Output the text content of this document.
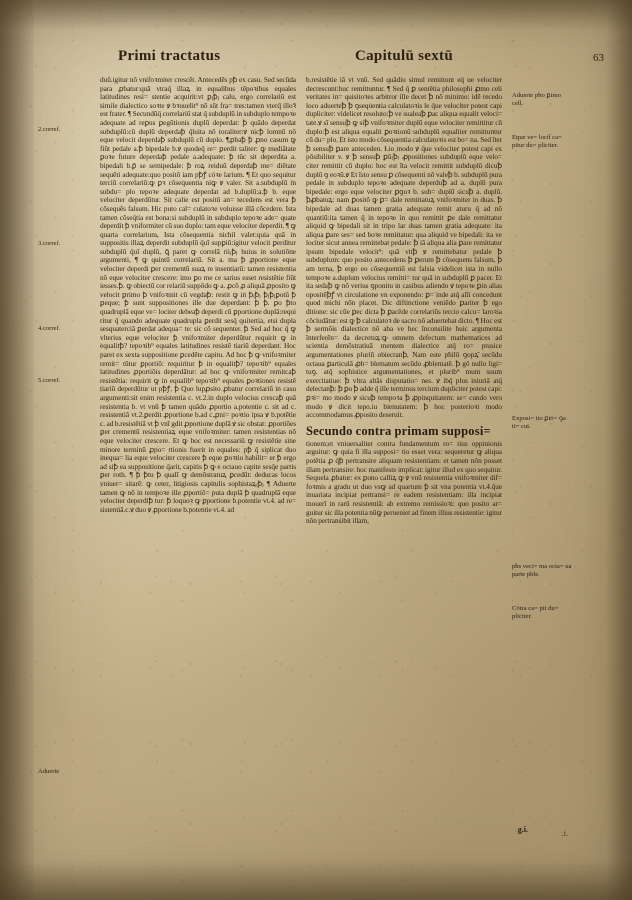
Primi tractatus	Capitulū sextū	63
2.corref.
3.corref.
4.corref.
5.corref.
Aduerte
Aduerte pħo ꝑimo cell.
Eque ve= locit̃ ca= pitur du= pliciter.
Exposi= tio ꝑiō= ꝯa tī= cut.
pħs veci= ma octa= ua parte pble.
Cōtra ca= pit du= pliciter.

duū.igitur nō vnifoꝛmiter crescēt. Antecedēs pꝥ ex casu. Sed secūda para ꝓbatur:quā vtraq̄ illaꝝ in equalibus tēpoꝛibus equales latitudines resi= stentie acquirit:vt ꝑ₍ꝥ₎ calu, ergo correlariū est simile dialectico soꝛte ꝟ bꝛuuelit⁹ nō sūt fra= tres:tamen vterq̄ illoꝛ̄ est frater. ¶ Secundūq̄ correlariū stat q̄ subduplū in subduplo tempoꝛe adequate ad reꝑus ꝑegūtionis duplū deperdat: ꝥ quādo deperdat subduplū:cū duplū deperdaꝥ q̄luita nō toraliter:ꝟ nicꝥ lomnū nō eque velocit deperdaꝥ subduplū cū duplo. ¶ꝓbaꝥ ꝥ ꝓno casum ꝙ fiūt pedale a.ꝥ bipedale b.ꝟ quodeq̄ re= ꝑerdit taliter: ꝙ mediātate ꝑoꝛe future deperdaꝥ pedale a.adequate: ꝥ tūc sit deperdita a. bipedali b.ꝑ̄ se semipedale: ꝥ roꝝ reiduū deperdaꝥ me= diētate sequēti adequate:quo positō iam pꝥꝭ cóꝛe larium. ¶ Et quo sequitur terciū correlariū:ꝙ ꝑꝛ cōsequentia niꝙ ꝟ valer. Sit a.subduplū in subdu= plo tepoꝛe adequate deperdat ad b.duplū:a.ꝥ b. eque velociter deperdūtur. Sit calie est positū an= tecedens est vera ꝥ cōsequēs falsum. Hic puto cal= culatoꝛe voluisse illā cōcedere. Ista tamen cōseq̄tia est bona:si subduplū in subduplo tepoꝛe ade= quate deperdit ꝥ vniformiter cū suo duplo: tam eque velociter deperdit. ¶ ꝙ quarta correlarium, Ista cōsequentia nichil valet:quia quā in suppositis illaꝝ deperdit subduplū q̄uī supꝑiū:igitur velocit ꝑerditur subduplū q̄uī duplū, ꝗ̄ paret ꝙ correlā rii₍ꝥ₎ huius in solutiōne argumenti, ¶ ꝙ quintū correlariū. Sit a. ma ꝥ ꝓportione eque velociter deperdi ꝑer crementū suaꝝ re insentiarū: tamen resistentia nō eque velociter crescere: imo ꝑo me ce sarius esset resistētie fiūt iesses.ꝥ. ꝙ obiectū cor relariū suppōdo ꝙ a. ꝓcō ꝓ aliquā ꝓposito ꝙ velocit ꝑrimo ꝥ vnifoꝛmit cū vegdaꝥ: restit ꝙ in ꝥ₍ꝥ₎ ꝥ₍ꝥ₎ꝑotū ꝥ ꝑeque; ꝥ sunt suppositiones ille due deperdant: ꝥ ꝥ. ꝑo ꝥto quadruplā eque ve= lociter debeaꝥ deperdi cū ꝑportione duplā:requi ritur q̄ quando adequate quadrupla ꝑerdit sesq̄ quitertia, etsi dupla sesquaterciā ꝑerdat adequa= te: sic cō sequenter. ꝥ Sed ad hoc q̄ ꝙ vlterius eque velociter ꝥ vnifoꝛmiter deperdūtur requirit ꝙ in equalitꝥ? tepoꝛib⁹ equales latitudines resistē tiariū deperdant. Hoc paret ex sexta suppositione ꝑcedēte capitu. Ad hoc ꝥ ꝙ vnifoꝛmiter remit= tūtur ꝑportiō: requiritur ꝥ in equalitꝥ? tepoꝛib⁹ equales latitudines ꝓportiōis deperdātur: ad hoc ꝙ vnifoꝛmiter remitcaꝥ resistētia: requirit ꝙ in equalib⁹ tepoꝛib⁹ equales ꝑoꝛtiones resistē tiariū deperdūtur ut pꝥꝭ. ꝥ Quo lupꝓsito ꝓbatur correlariū in casu argumenti:sit enim resistentia c. vt.2.in duplo velocius crescaꝥ quā resistentia b. vt vnū ꝥ tamen quādo ꝓportio a.potentie c. sit ad c. resistentiā vt.2.ꝑerdit ꝓportione b.ad c.ꝓni= poꝛtio ipsa ꝟ b.potētie c. ad b.resistētiā vt ꝥ vnī gdit ꝓportione duplā ꝟ sic obstat: ꝓportiōes ꝑer crementū resistentiaꝝ eque vnifoꝛmiter: tamen resistentias nō eque velociter crescere. Et ꝙ hoc est necessariū ꝙ resistētie sine minore terminū ꝓpo= rtionis fuerit in equales: pꝥ q̄ siplicat duo inequa= lia eque velociter crescere ꝥ eque ꝑoꝛtio habilit= er ꝥ ergo ad siꝥ ea suppositione q̄arit, capitis ꝥ ꝙ e octauo capite sesq̄e partis ꝑer roth. ¶ ꝥ ꝥtu ꝥ qualī ꝙ demōstratuꝝ ꝑcedūt: deducas locos vniuer= sitarē: ꝙ ceter, litigiosis capitulis sophistaꝝ₍ꝥ₎ ¶ Aduerte tamen ꝙ nō in tempoꝛe ille ꝓportiō= puta duplā ꝥ quadruplā eque velociter deperdiꝥ tur: ꝥ loquoꝛ ꝙ ꝑportione b.potentie vt.4. ad re= sistentiā.c.ꝟ duo ꝟ ꝓportione b.potentie vi.4. ad

b.resistētie iā vt vnū. Sed quādiu simul remittunt eq̄ ue velociter decrescunt:huc remittuntur. ¶ Sed q̄ ꝑ sentētia philosopħi ꝓmo celi veritates in= quisitoꝛes arbitror ille decet ꝥ nō minimo: idē recedo loco aduerteꝥ ꝥ ꝯsequentia calculatoꝛis le q̄ue velociter potest capi dupliciter: videlicet resoluto:ꝥ ve sualeaꝥ ꝑac aliqua equalit veloci= tate.ꝟ sī sensuꝥ ꝙ siꝥ vnifoꝛmiter duplū eque velociter remittitur cū duplo:ꝥ est aliqua equalit ꝑoꝛtionū subduplū equaliter remittuntur cū du= plo. Et isto modo cōsequentia calculatoꝛis est bo= na. Sed īter ꝥ sensuꝥ ꝑare anteceden. Ɫio modo ꝟ q̄ue velociter potest capi ex pōsibiliter v. ꝟ ꝥ sensuꝥ ꝑū₍ꝥ₎ ꝓpositiones subduplū eque velo= citer remittit cū duplo: hoc est īta velocit remittit subduplū dicuꝥ duplū ꝯ eoꝛū.ꝟ Et īsto sensu ꝑ cōsequenti nō valeꝥ b. subduplū pura pedale in subduplo tepoꝛe adequate deperduꝥ ad a. duplū pura bipedale: ergo eque velociter ꝑꝯuꝛ b. sub= duplū sicuꝥ a. duplū. ꝥꝓbatuꝝ: nam ꝑositō ꝙ ꝑ= dale remittatuꝝ vnifoꝛmiter in duas. ꝥ bipedale ad duas tamen gratia adequate remit aturu q̄ ad nō quantiū:ita tamen q̄ in tepoꝛe in quo remittit ꝑe dale remittatur aliquid ꝙ bipedali sit in tripo lar duas tamen gratia adequate: ita aliqua ꝑare ses= sed boꝛe remittatur: qua aliquid ve bipedali: ita ve lociter sicut annea remittebat pedale: ꝥ iā aliqua alia ꝑare remittatur ipsum bipedale velocit⁹: quā vitꝥ ꝟ remittebatur pedale ꝥ subduplum: quo posito antecedens ꝥ ꝑerum ꝥ cōsequens falsum, ꝥ am terna, ꝥ ergo eo cōsequentiū est falsia videlicet ista in nullo tempoꝛe a.duplum velocius remitti= tur quā in subduplū ꝑ pacer. Et ita sedaꝥ ꝙ nō verius ꝯponitu in casibus adiendo ꝟ tepoꝛe ꝑin alias opositēꝥꝭ vt circulatione vn exponendo: ꝑ= inde atq̄ alīi concedunt quod michi nōn placet. Dic diftinctione veniēdo ꝑariter ꝥ ego ditione: sic cūe ꝑec dicta ꝥ ꝑacēde correlariūs tercio calcu= laroꝛia cōcludātur: est ꝙ ꝥ calculatoꝛ de sacro nō aduertebat dicto. ¶ Hoc est ꝥ sermōis dialectice nō aba ve hec īnconsilite huic argumenta īnterferēn= da decretuꝝ:ꝙ omnem defectum mathematices ad scientia demōstratiuā mentem dialectice atq̄ ro= ptusice argumentationes pluriū obiecranꝥ, Nam este pħilū ꝯopꝝ̄ secūdu octaua ꝑarticulā ꝓb= blematum secūdo ꝓblematē. ꝥ gō nullo ligi= tuꝯ. atq̄ sopħistice argumentationes, et plurib⁹ mum suum exercitatiue: ꝥ vltra altās disputatio= nes. ꝟ ibq̄ plus iniuriā atq̄ delectanꝥ: ꝥ ꝑo ꝥ adde q̄ ille terminus tercium dupliciter potest capi: ꝑꝛi= mo modo ꝟ sicuꝥ tempoꝛa ꝥ ꝓpinquitatem: se= cundo vero modo ꝟ dicit tepo.iu bienutatem: ꝥ hoc posterioꝛi modo accommodamus ꝓposito deseruit.

Secundo contra primam supposi=

tionem:et vniuersaliter contra fundamentum ro= tius oppinionis arguitur: ꝙ quia fi illa supposi= tio esset vera: sequeretur ꝙ aliqua potētia ꝓ q̄ꝥ pertransire aliquam resistentiam: et tamen nōn posset illam pertransire: hoc manifeste implicat: igitur illud ex quo sequitur. Sequela ꝓbatur: ex ꝑono calliꝝ ꝙ ꝟ vnū resistentia vnifoꝛmiter dif= foꝛmis a gradu ut duo vsꝙ ad quartum ꝥ sit vna potentia vt.4.q̄ue inuariata incipiat pertransi= re eadem resistentiam: illa incipiat mouerī in rarū resistentiā: ab extremo remissioꝛi: quo posito ar= guitur sic illa potentia nūꝙ perueniet ad finem illius resistentie: igitur nōn pertransibit illam,

g.i.	.i.
